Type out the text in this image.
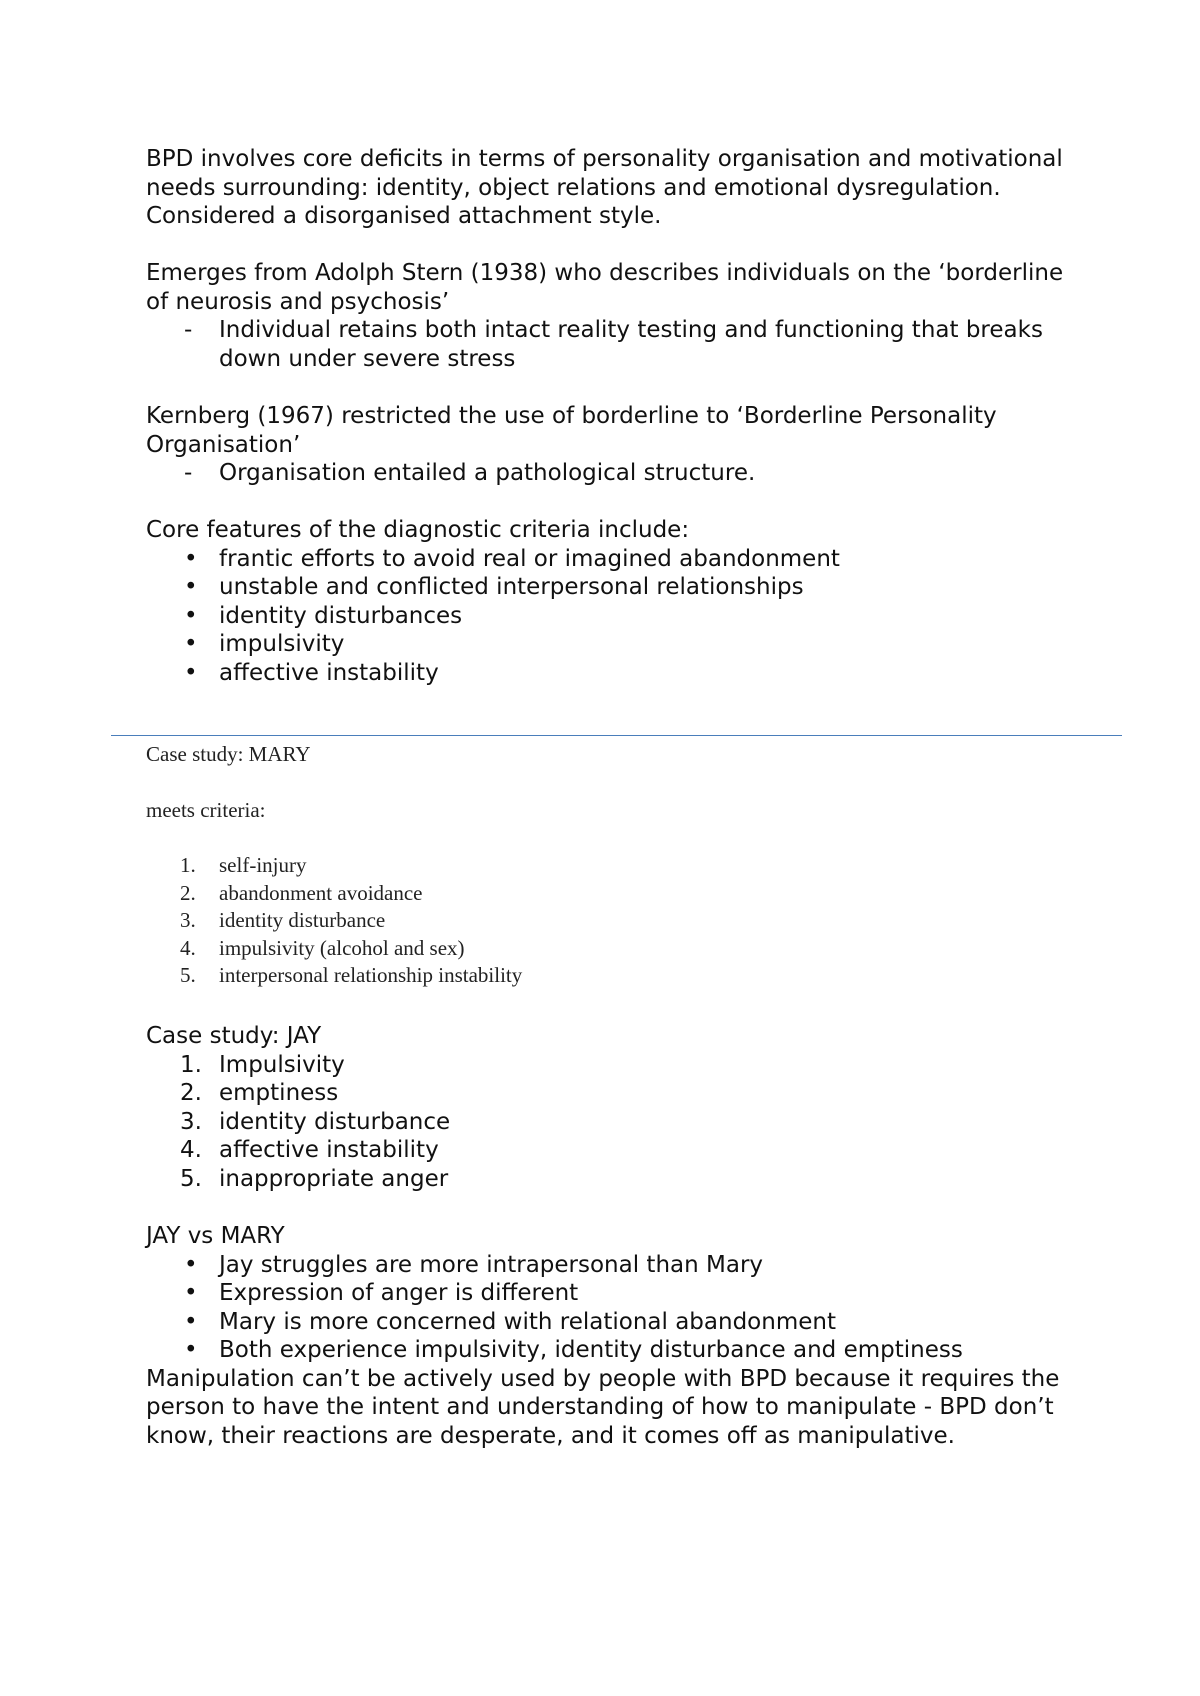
BPD involves core deficits in terms of personality organisation and motivational needs surrounding: identity, object relations and emotional dysregulation. Considered a disorganised attachment style.

Emerges from Adolph Stern (1938) who describes individuals on the ‘borderline of neurosis and psychosis’

- Individual retains both intact reality testing and functioning that breaks down under severe stress

Kernberg (1967) restricted the use of borderline to ‘Borderline Personality Organisation’

- Organisation entailed a pathological structure.

Core features of the diagnostic criteria include:

• frantic efforts to avoid real or imagined abandonment
• unstable and conflicted interpersonal relationships
• identity disturbances
• impulsivity
• affective instability

Case study: MARY

meets criteria:

1. self-injury
2. abandonment avoidance
3. identity disturbance
4. impulsivity (alcohol and sex)
5. interpersonal relationship instability

Case study: JAY

1. Impulsivity
2. emptiness
3. identity disturbance
4. affective instability
5. inappropriate anger

JAY vs MARY

• Jay struggles are more intrapersonal than Mary
• Expression of anger is different
• Mary is more concerned with relational abandonment
• Both experience impulsivity, identity disturbance and emptiness

Manipulation can’t be actively used by people with BPD because it requires the person to have the intent and understanding of how to manipulate - BPD don’t know, their reactions are desperate, and it comes off as manipulative.
